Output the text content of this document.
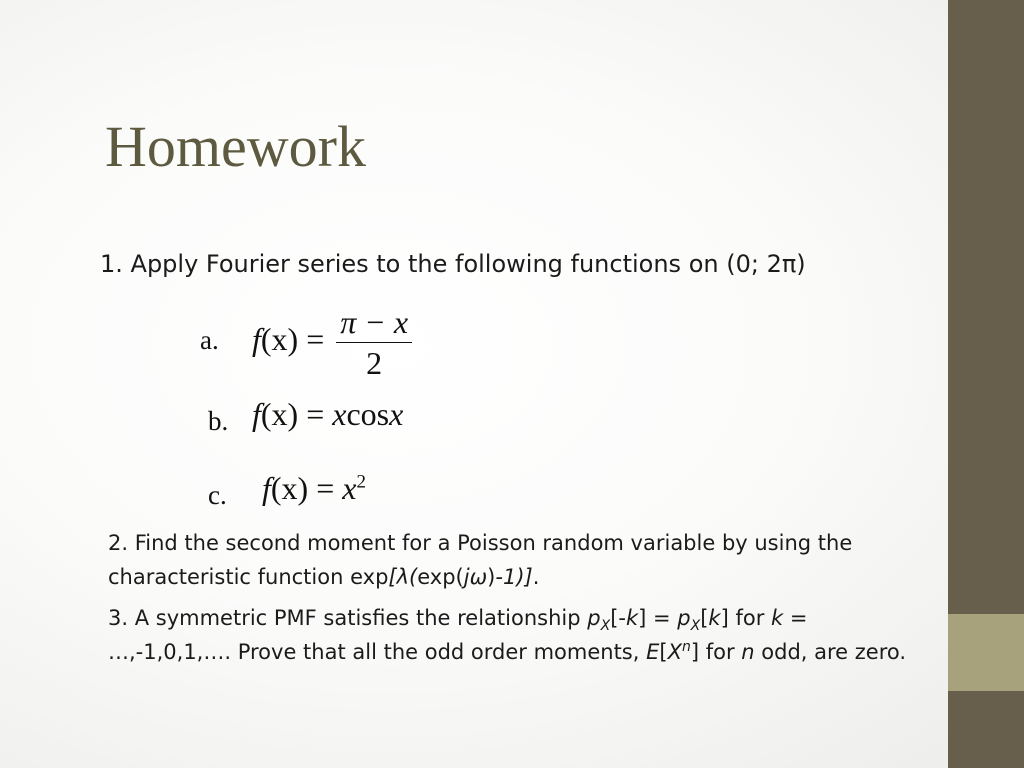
Homework
1. Apply Fourier series to the following functions on (0; 2π)
a. $f(x) = \frac{\pi - x}{2}$
b. f(x) = xcosx
c. $f(x) = x^2$
2. Find the second moment for a Poisson random variable by using the characteristic function exp[λ(exp(jω)-1)].
3. A symmetric PMF satisfies the relationship $p_X[-k] = p_X[k]$ for k = …,-1,0,1,…. Prove that all the odd order moments, $E[X^n]$ for n odd, are zero.
